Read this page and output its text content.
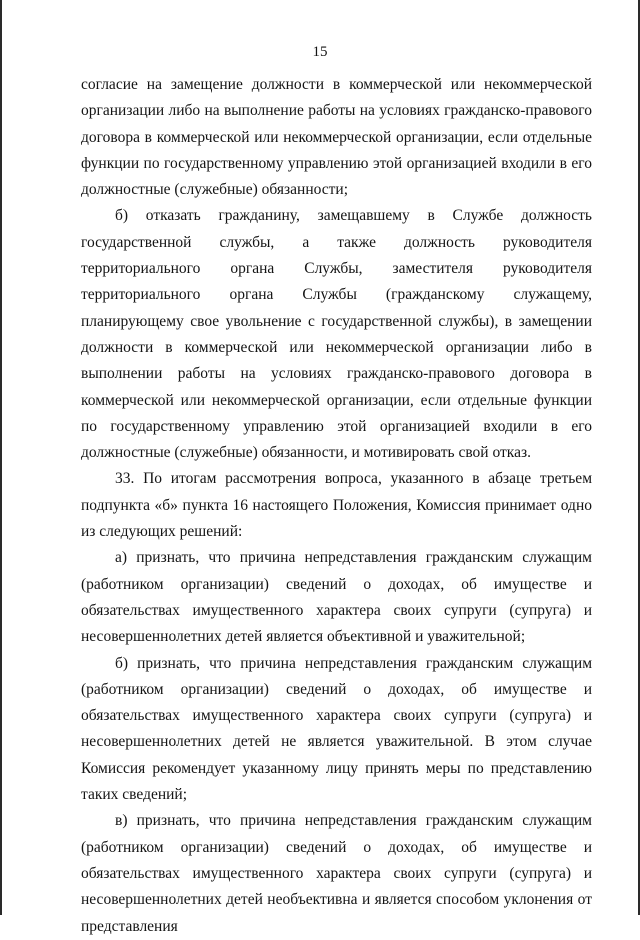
15

согласие на замещение должности в коммерческой или некоммерческой организации либо на выполнение работы на условиях гражданско-правового договора в коммерческой или некоммерческой организации, если отдельные функции по государственному управлению этой организацией входили в его должностные (служебные) обязанности;

б) отказать гражданину, замещавшему в Службе должность государственной службы, а также должность руководителя территориального органа Службы, заместителя руководителя территориального органа Службы (гражданскому служащему, планирующему свое увольнение с государственной службы), в замещении должности в коммерческой или некоммерческой организации либо в выполнении работы на условиях гражданско-правового договора в коммерческой или некоммерческой организации, если отдельные функции по государственному управлению этой организацией входили в его должностные (служебные) обязанности, и мотивировать свой отказ.

33. По итогам рассмотрения вопроса, указанного в абзаце третьем подпункта «б» пункта 16 настоящего Положения, Комиссия принимает одно из следующих решений:

а) признать, что причина непредставления гражданским служащим (работником организации) сведений о доходах, об имуществе и обязательствах имущественного характера своих супруги (супруга) и несовершеннолетних детей является объективной и уважительной;

б) признать, что причина непредставления гражданским служащим (работником организации) сведений о доходах, об имуществе и обязательствах имущественного характера своих супруги (супруга) и несовершеннолетних детей не является уважительной. В этом случае Комиссия рекомендует указанному лицу принять меры по представлению таких сведений;

в) признать, что причина непредставления гражданским служащим (работником организации) сведений о доходах, об имуществе и обязательствах имущественного характера своих супруги (супруга) и несовершеннолетних детей необъективна и является способом уклонения от представления
